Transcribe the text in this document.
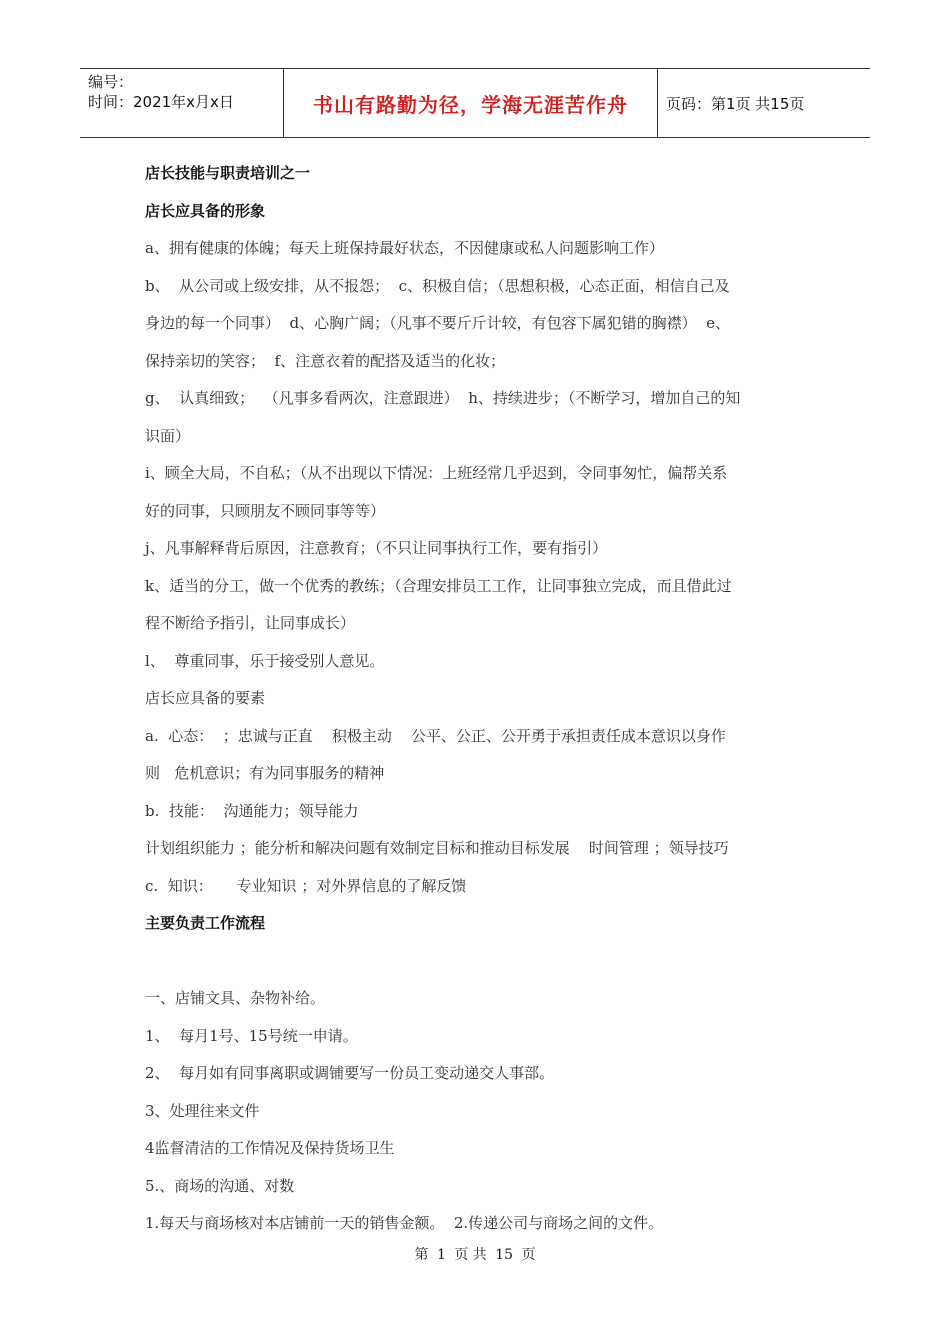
编号：
时间：2021年x月x日	书山有路勤为径，学海无涯苦作舟	页码：第1页 共15页
店长技能与职责培训之一
店长应具备的形象
a、拥有健康的体魄；每天上班保持最好状态，不因健康或私人问题影响工作）
b、  从公司或上级安排，从不报怨；  c、积极自信；（思想积极，心态正面，相信自己及
身边的每一个同事）  d、心胸广阔；（凡事不要斤斤计较，有包容下属犯错的胸襟）  e、
保持亲切的笑容；  f、注意衣着的配搭及适当的化妆；
g、  认真细致；  （凡事多看两次，注意跟进）  h、持续进步；（不断学习，增加自己的知
识面）
i、顾全大局，不自私；（从不出现以下情况：上班经常几乎迟到，令同事匆忙，偏帮关系
好的同事，只顾朋友不顾同事等等）
j、凡事解释背后原因，注意教育；（不只让同事执行工作，要有指引）
k、适当的分工，做一个优秀的教练；（合理安排员工工作，让同事独立完成，而且借此过
程不断给予指引，让同事成长）
l、  尊重同事，乐于接受别人意见。
店长应具备的要素
a.  心态：  ；忠诚与正直    积极主动    公平、公正、公开勇于承担责任成本意识以身作
则   危机意识；有为同事服务的精神
b.  技能：  沟通能力；领导能力
计划组织能力 ；能分析和解决问题有效制定目标和推动目标发展    时间管理 ；领导技巧
c.  知识：     专业知识 ；对外界信息的了解反馈
主要负责工作流程
一、店铺文具、杂物补给。
1、  每月1号、15号统一申请。
2、  每月如有同事离职或调铺要写一份员工变动递交人事部。
3、处理往来文件
4监督清洁的工作情况及保持货场卫生
5.、商场的沟通、对数
1.每天与商场核对本店铺前一天的销售金额。  2.传递公司与商场之间的文件。
第 1 页 共 15 页
